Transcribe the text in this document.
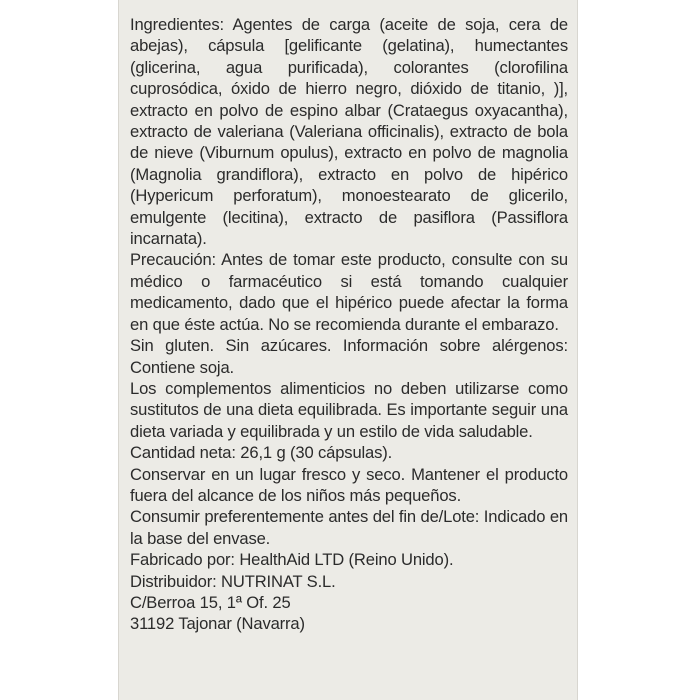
Ingredientes: Agentes de carga (aceite de soja, cera de abejas), cápsula [gelificante (gelatina), humectantes (glicerina, agua purificada), colorantes (clorofilina cuprosódica, óxido de hierro negro, dióxido de titanio, )], extracto en polvo de espino albar (Crataegus oxyacantha), extracto de valeriana (Valeriana officinalis), extracto de bola de nieve (Viburnum opulus), extracto en polvo de magnolia (Magnolia grandiflora), extracto en polvo de hipérico (Hypericum perforatum), monoestearato de glicerilo, emulgente (lecitina), extracto de pasiflora (Passiflora incarnata).

Precaución: Antes de tomar este producto, consulte con su médico o farmacéutico si está tomando cualquier medicamento, dado que el hipérico puede afectar la forma en que éste actúa. No se recomienda durante el embarazo.

Sin gluten. Sin azúcares. Información sobre alérgenos: Contiene soja.

Los complementos alimenticios no deben utilizarse como sustitutos de una dieta equilibrada. Es importante seguir una dieta variada y equilibrada y un estilo de vida saludable.

Cantidad neta: 26,1 g (30 cápsulas).

Conservar en un lugar fresco y seco. Mantener el producto fuera del alcance de los niños más pequeños.

Consumir preferentemente antes del fin de/Lote: Indicado en la base del envase.

Fabricado por: HealthAid LTD (Reino Unido).

Distribuidor: NUTRINAT S.L.
C/Berroa 15, 1ª Of. 25
31192 Tajonar (Navarra)
